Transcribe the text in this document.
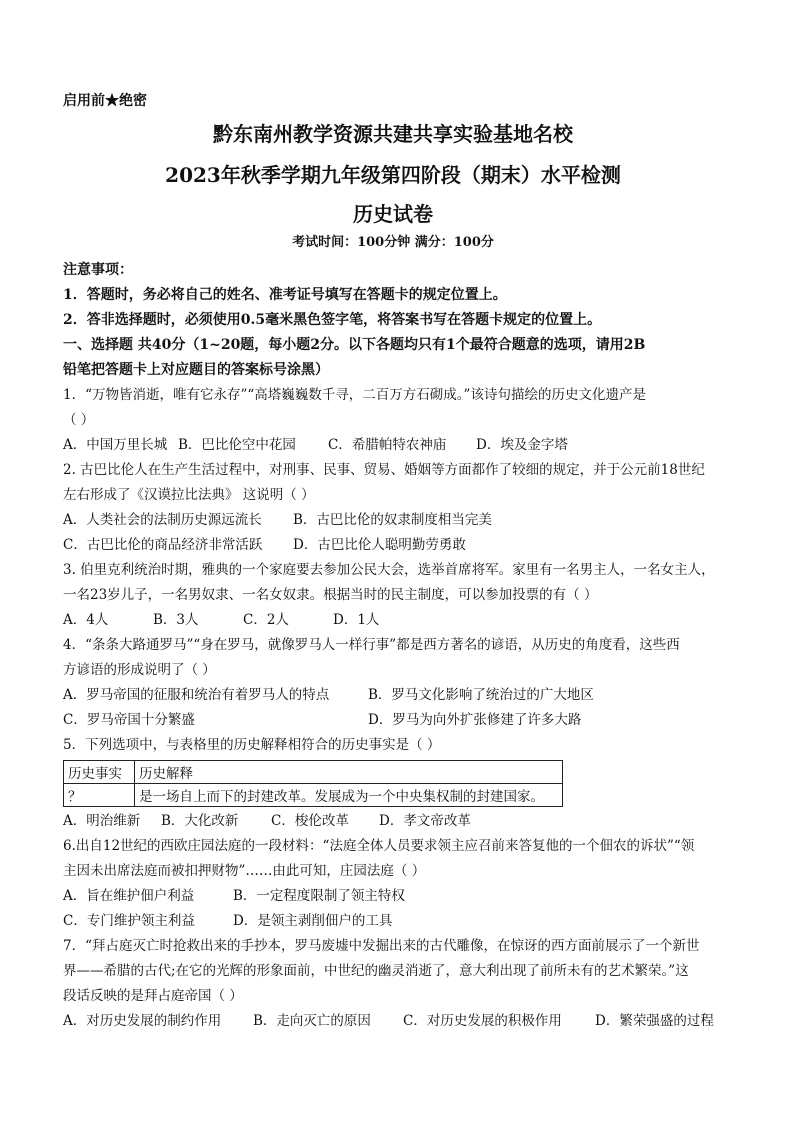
启用前★绝密
黔东南州教学资源共建共享实验基地名校
2023年秋季学期九年级第四阶段（期末）水平检测
历史试卷
考试时间：100分钟 满分：100分
注意事项：
1．答题时，务必将自己的姓名、准考证号填写在答题卡的规定位置上。
2．答非选择题时，必须使用0.5毫米黑色签字笔，将答案书写在答题卡规定的位置上。
一、选择题 共40分（1~20题，每小题2分。以下各题均只有1个最符合题意的选项，请用2B
铅笔把答题卡上对应题目的答案标号涂黑）
1．“万物皆消逝，唯有它永存”“高塔巍巍数千寻，二百万方石砌成。”该诗句描绘的历史文化遗产是
（ ）
A．中国万里长城 B．巴比伦空中花园 C．希腊帕特农神庙 D．埃及金字塔
2. 古巴比伦人在生产生活过程中，对刑事、民事、贸易、婚姻等方面都作了较细的规定，并于公元前18世纪
左右形成了《汉谟拉比法典》 这说明（ ）
A．人类社会的法制历史源远流长 B．古巴比伦的奴隶制度相当完美
C．古巴比伦的商品经济非常活跃 D．古巴比伦人聪明勤劳勇敢
3. 伯里克利统治时期，雅典的一个家庭要去参加公民大会，选举首席将军。家里有一名男主人，一名女主人，
一名23岁儿子，一名男奴隶、一名女奴隶。根据当时的民主制度，可以参加投票的有（ ）
A．4人	B．3人	C．2人	D．1人
4．“条条大路通罗马”“身在罗马，就像罗马人一样行事”都是西方著名的谚语，从历史的角度看，这些西
方谚语的形成说明了（ ）
A．罗马帝国的征服和统治有着罗马人的特点	B．罗马文化影响了统治过的广大地区
C．罗马帝国十分繁盛	D．罗马为向外扩张修建了许多大路
5．下列选项中，与表格里的历史解释相符合的历史事实是（ ）
历史事实	历史解释
？	是一场自上而下的封建改革。发展成为一个中央集权制的封建国家。
A．明治维新 B．大化改新 C．梭伦改革 D．孝文帝改革
6.出自12世纪的西欧庄园法庭的一段材料：“法庭全体人员要求领主应召前来答复他的一个佃农的诉状”“领
主因未出席法庭而被扣押财物”……由此可知，庄园法庭（ ）
A．旨在维护佃户利益	B．一定程度限制了领主特权
C．专门维护领主利益	D．是领主剥削佃户的工具
7．“拜占庭灭亡时抢救出来的手抄本，罗马废墟中发掘出来的古代雕像，在惊讶的西方面前展示了一个新世
界——希腊的古代;在它的光辉的形象面前，中世纪的幽灵消逝了，意大利出现了前所未有的艺术繁荣。”这
段话反映的是拜占庭帝国（ ）
A．对历史发展的制约作用 B．走向灭亡的原因 C．对历史发展的积极作用 D．繁荣强盛的过程
